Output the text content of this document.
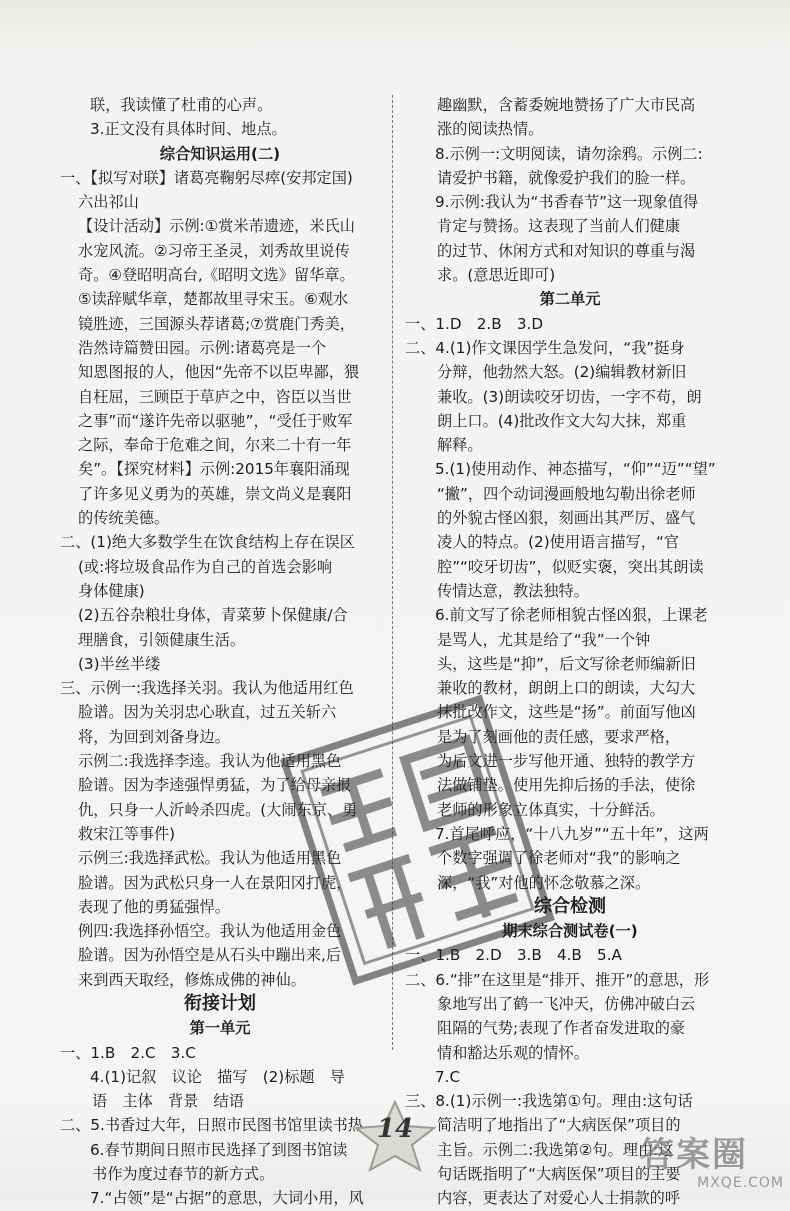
联，我读懂了杜甫的心声。
3.正文没有具体时间、地点。
综合知识运用(二)
一、【拟写对联】诸葛亮鞠躬尽瘁(安邦定国)
六出祁山
【设计活动】示例:①赏米芾遗迹，米氏山
水宠风流。②习帝王圣灵，刘秀故里说传
奇。④登昭明高台,《昭明文选》留华章。
⑤读辞赋华章，楚都故里寻宋玉。⑥观水
镜胜迹，三国源头荐诸葛;⑦赏鹿门秀美，
浩然诗篇赞田园。示例:诸葛亮是一个
知恩图报的人，他因“先帝不以臣卑鄙，猥
自枉屈，三顾臣于草庐之中，咨臣以当世
之事”而“遂许先帝以驱驰”，“受任于败军
之际，奉命于危难之间，尔来二十有一年
矣”。【探究材料】示例:2015年襄阳涌现
了许多见义勇为的英雄，崇文尚义是襄阳
的传统美德。
二、(1)绝大多数学生在饮食结构上存在误区
(或:将垃圾食品作为自己的首选会影响
身体健康)
(2)五谷杂粮壮身体，青菜萝卜保健康/合
理膳食，引领健康生活。
(3)半丝半缕
三、示例一:我选择关羽。我认为他适用红色
脸谱。因为关羽忠心耿直，过五关斩六
将，为回到刘备身边。
示例二:我选择李逵。我认为他适用黑色
脸谱。因为李逵强悍勇猛，为了给母亲报
仇，只身一人沂岭杀四虎。(大闹东京、勇
救宋江等事件)
示例三:我选择武松。我认为他适用黑色
脸谱。因为武松只身一人在景阳冈打虎，
表现了他的勇猛强悍。
例四:我选择孙悟空。我认为他适用金色
脸谱。因为孙悟空是从石头中蹦出来,后
来到西天取经，修炼成佛的神仙。
衔接计划
第一单元
一、1.B　2.C　3.C
4.(1)记叙　议论　描写　(2)标题　导
语　主体　背景　结语
二、5.书香过大年，日照市民图书馆里读书热
6.春节期间日照市民选择了到图书馆读
书作为度过春节的新方式。
7.“占领”是“占据”的意思，大词小用，风
趣幽默，含蓄委婉地赞扬了广大市民高
涨的阅读热情。
8.示例一:文明阅读，请勿涂鸦。示例二:
请爱护书籍，就像爱护我们的脸一样。
9.示例:我认为“书香春节”这一现象值得
肯定与赞扬。这表现了当前人们健康
的过节、休闲方式和对知识的尊重与渴
求。(意思近即可)
第二单元
一、1.D　2.B　3.D
二、4.(1)作文课因学生急发问，“我”挺身
分辩，他勃然大怒。(2)编辑教材新旧
兼收。(3)朗读咬牙切齿，一字不苟，朗
朗上口。(4)批改作文大勾大抹，郑重
解释。
5.(1)使用动作、神态描写，“仰”“迈”“望”
“撇”，四个动词漫画般地勾勒出徐老师
的外貌古怪凶狠，刻画出其严厉、盛气
凌人的特点。(2)使用语言描写，“官
腔”“咬牙切齿”，似贬实褒，突出其朗读
传情达意，教法独特。
6.前文写了徐老师相貌古怪凶狠，上课老
是骂人，尤其是给了“我”一个钟
头，这些是“抑”，后文写徐老师编新旧
兼收的教材，朗朗上口的朗读，大勾大
抹批改作文，这些是“扬”。前面写他凶
是为了刻画他的责任感，要求严格，
为后文进一步写他开通、独特的教学方
法做铺垫。使用先抑后扬的手法，使徐
老师的形象立体真实，十分鲜活。
7.首尾呼应，“十八九岁”“五十年”，这两
个数字强调了徐老师对“我”的影响之
深，“我”对他的怀念敬慕之深。
综合检测
期末综合测试卷(一)
一、1.B　2.D　3.B　4.B　5.A
二、6.“排”在这里是“排开、推开”的意思，形
象地写出了鹤一飞冲天，仿佛冲破白云
阻隔的气势;表现了作者奋发进取的豪
情和豁达乐观的情怀。
7.C
三、8.(1)示例一:我选第①句。理由:这句话
简洁明了地指出了“大病医保”项目的
主旨。示例二:我选第②句。理由:这
句话既指明了“大病医保”项目的主要
内容，更表达了对爱心人士捐款的呼
14
答案圈
MXQE.COM
